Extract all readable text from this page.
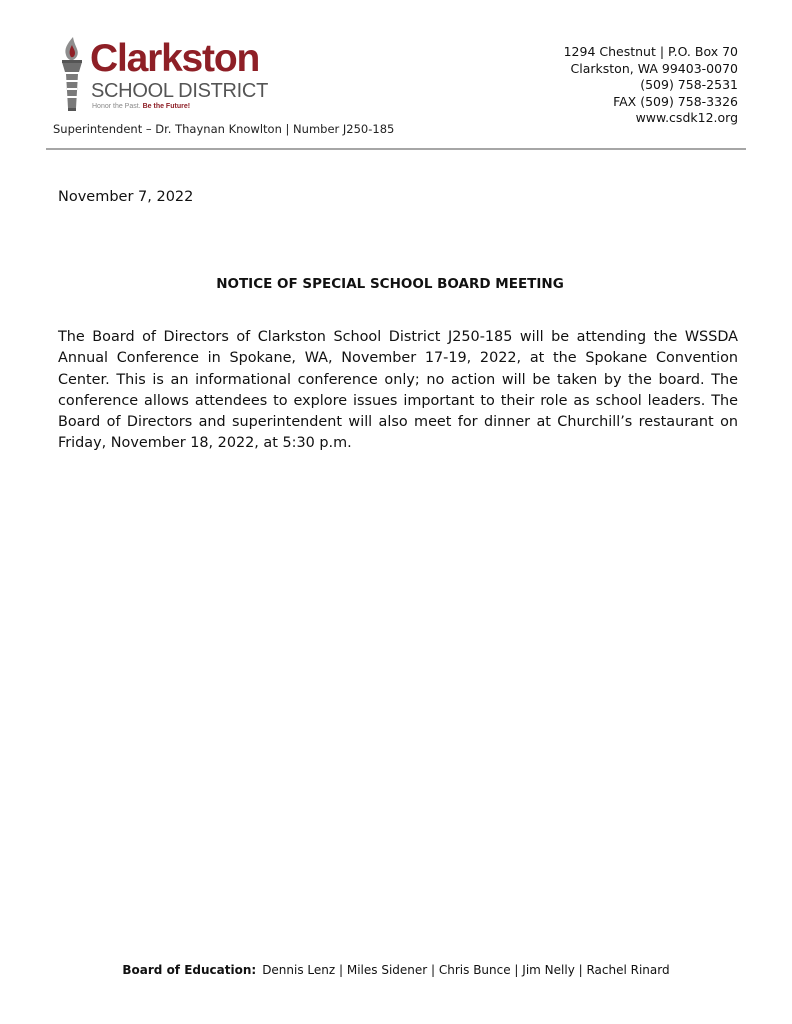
Clarkston
SCHOOL DISTRICT
Honor the Past. Be the Future!
Superintendent – Dr. Thaynan Knowlton | Number J250-185
1294 Chestnut | P.O. Box 70
Clarkston, WA 99403-0070
(509) 758-2531
FAX (509) 758-3326
www.csdk12.org
November 7, 2022
NOTICE OF SPECIAL SCHOOL BOARD MEETING

The Board of Directors of Clarkston School District J250-185 will be attending the WSSDA Annual Conference in Spokane, WA, November 17-19, 2022, at the Spokane Convention Center. This is an informational conference only; no action will be taken by the board. The conference allows attendees to explore issues important to their role as school leaders. The Board of Directors and superintendent will also meet for dinner at Churchill’s restaurant on Friday, November 18, 2022, at 5:30 p.m.

Board of Education: Dennis Lenz | Miles Sidener | Chris Bunce | Jim Nelly | Rachel Rinard
